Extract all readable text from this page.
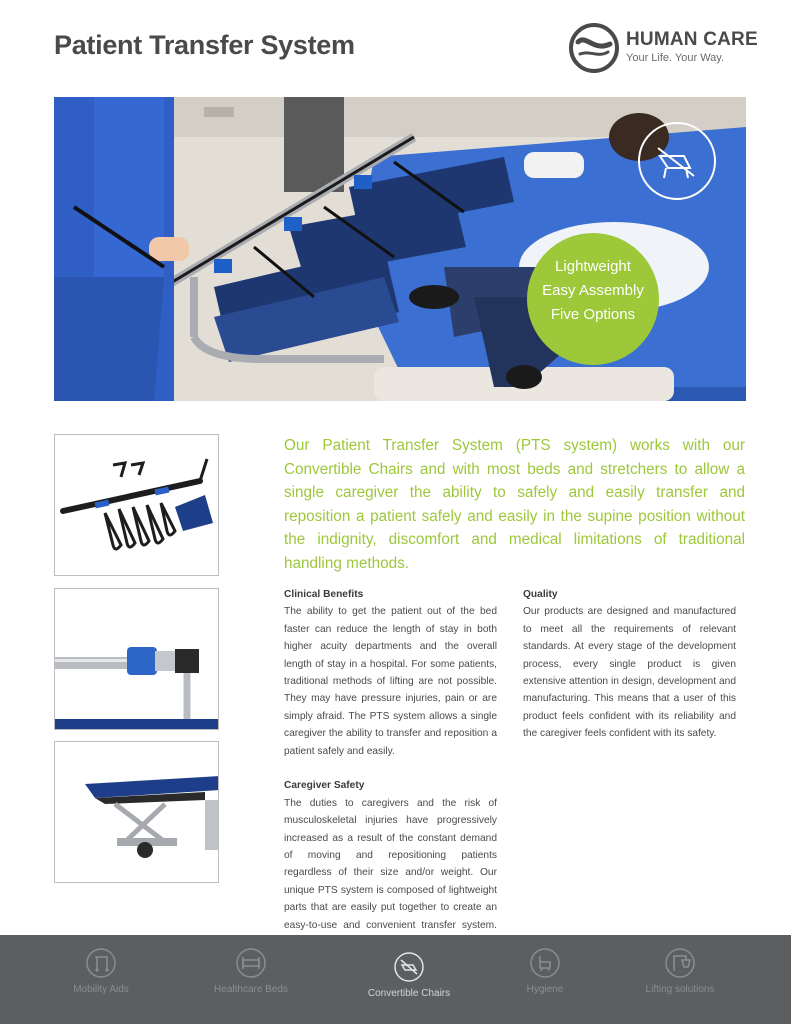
Patient Transfer System	HUMAN CARE
Your Life. Your Way.
Lightweight
Easy Assembly
Five Options
Our Patient Transfer System (PTS system) works with our Convertible Chairs and with most beds and stretchers to allow a single caregiver the ability to safely and easily transfer and reposition a patient safely and easily in the supine position without the indignity, discomfort and medical limitations of traditional handling methods.
Clinical Benefits

The ability to get the patient out of the bed faster can reduce the length of stay in both higher acuity departments and the overall length of stay in a hospital. For some patients, traditional methods of lifting are not possible. They may have pressure injuries, pain or are simply afraid. The PTS system allows a single caregiver the ability to transfer and reposition a patient safely and easily.

Caregiver Safety

The duties to caregivers and the risk of musculoskeletal injuries have progressively increased as a result of the constant demand of moving and repositioning patients regardless of their size and/or weight. Our unique PTS system is composed of lightweight parts that are easily put together to create an easy-to-use and convenient transfer system.

Quality

Our products are designed and manufactured to meet all the requirements of relevant standards. At every stage of the development process, every single product is given extensive attention in design, development and manufacturing. This means that a user of this product feels confident with its reliability and the caregiver feels confident with its safety.

Mobility Aids	Healthcare Beds	Convertible Chairs	Hygiene	Lifting solutions
